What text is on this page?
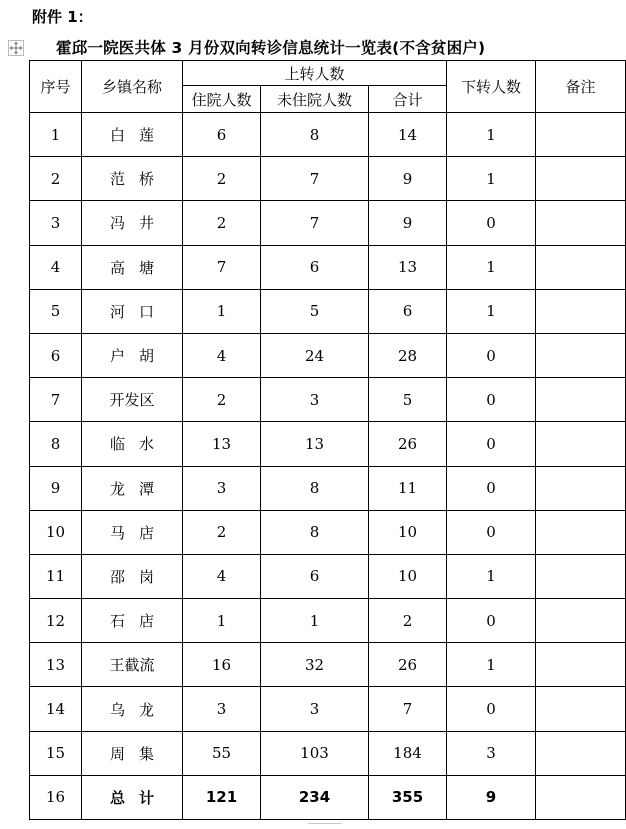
附件 1：
霍邱一院医共体 3 月份双向转诊信息统计一览表(不含贫困户)
序号	乡镇名称	上转人数			下转人数	备注
		住院人数	未住院人数	合计		
1	白莲	6	8	14	1	
2	范桥	2	7	9	1	
3	冯井	2	7	9	0	
4	高塘	7	6	13	1	
5	河口	1	5	6	1	
6	户胡	4	24	28	0	
7	开发区	2	3	5	0	
8	临水	13	13	26	0	
9	龙潭	3	8	11	0	
10	马店	2	8	10	0	
11	邵岗	4	6	10	1	
12	石店	1	1	2	0	
13	王截流	16	32	26	1	
14	乌龙	3	3	7	0	
15	周集	55	103	184	3	
16	总计	121	234	355	9	
